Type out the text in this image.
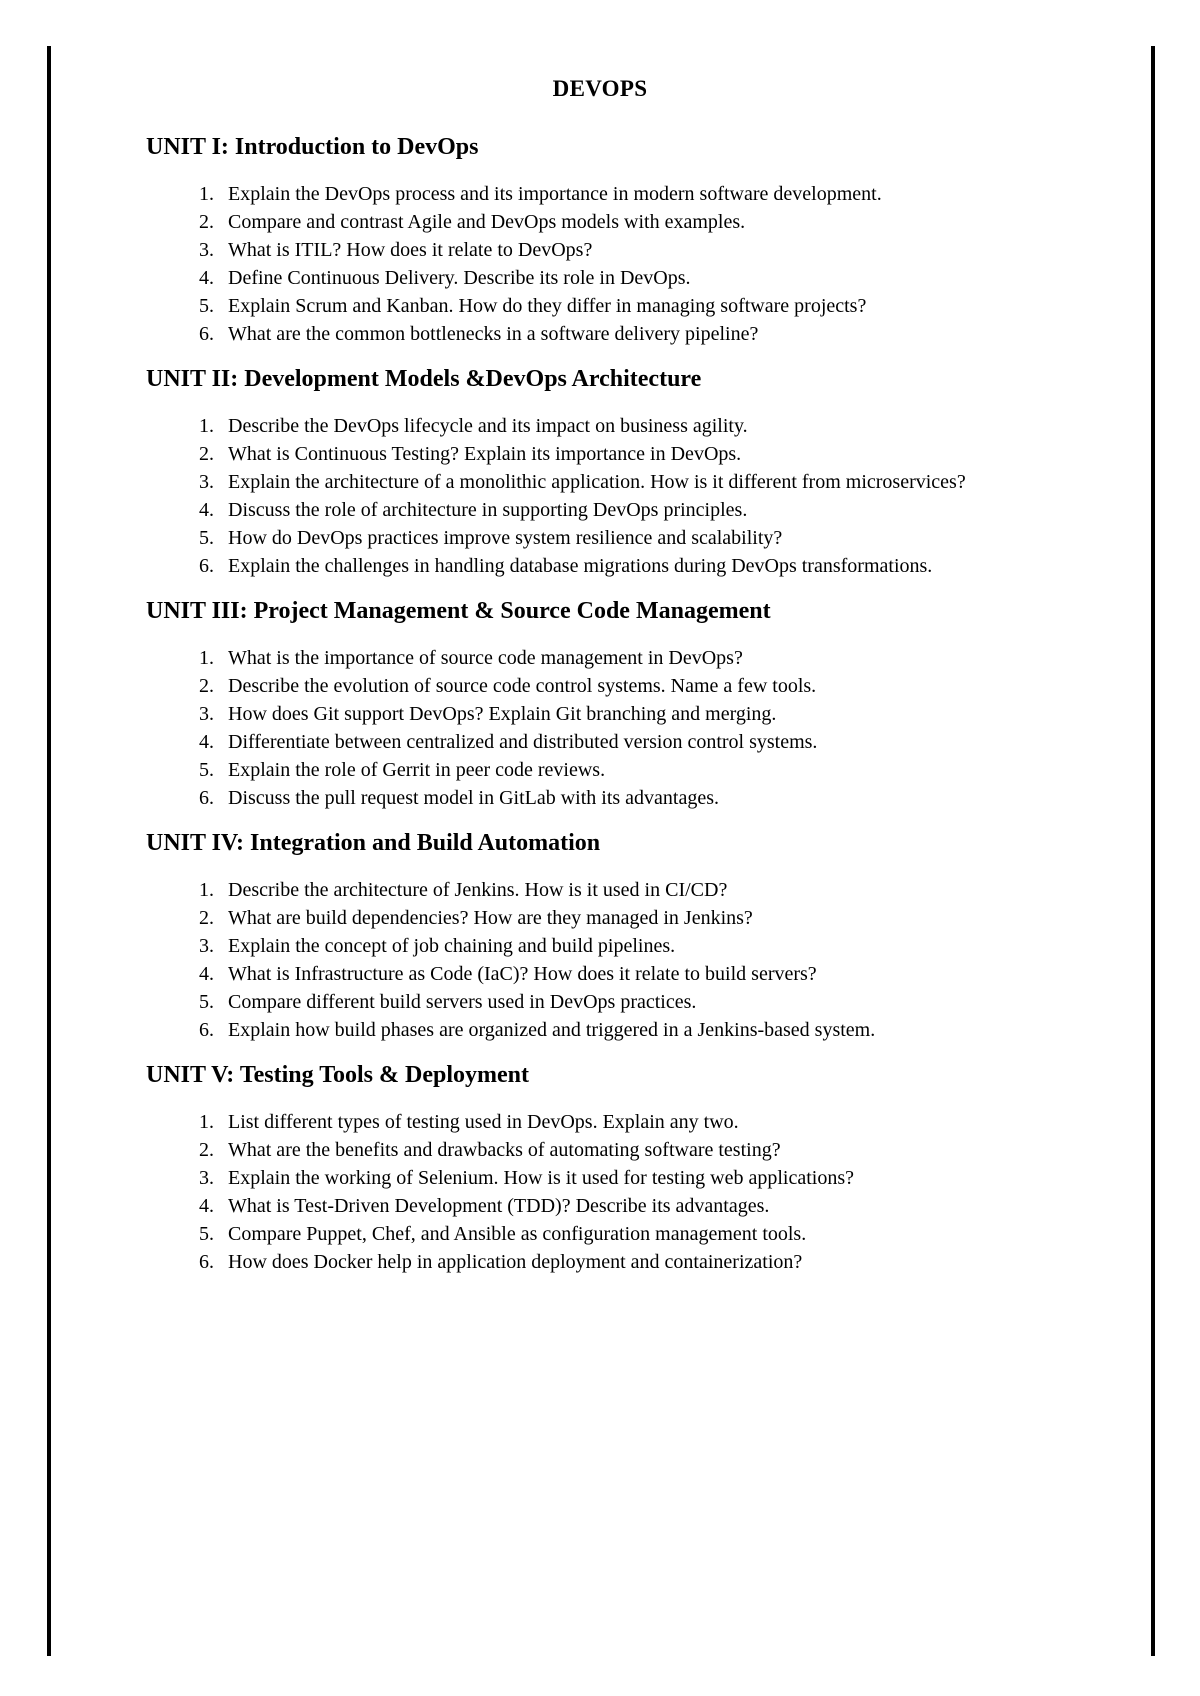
DEVOPS
UNIT I: Introduction to DevOps
1 . Explain the DevOps process and its importance in modern software development.
2 . Compare and contrast Agile and DevOps models with examples.
3 . What is ITIL? How does it relate to DevOps?
4 . Define Continuous Delivery. Describe its role in DevOps.
5 . Explain Scrum and Kanban. How do they differ in managing software projects?
6 . What are the common bottlenecks in a software delivery pipeline?
UNIT II: Development Models &DevOps Architecture
1 . Describe the DevOps lifecycle and its impact on business agility.
2 . What is Continuous Testing? Explain its importance in DevOps.
3 . Explain the architecture of a monolithic application. How is it different from microservices?
4 . Discuss the role of architecture in supporting DevOps principles.
5 . How do DevOps practices improve system resilience and scalability?
6 . Explain the challenges in handling database migrations during DevOps transformations.
UNIT III: Project Management & Source Code Management
1 . What is the importance of source code management in DevOps?
2 . Describe the evolution of source code control systems. Name a few tools.
3 . How does Git support DevOps? Explain Git branching and merging.
4 . Differentiate between centralized and distributed version control systems.
5 . Explain the role of Gerrit in peer code reviews.
6 . Discuss the pull request model in GitLab with its advantages.
UNIT IV: Integration and Build Automation
1 . Describe the architecture of Jenkins. How is it used in CI/CD?
2 . What are build dependencies? How are they managed in Jenkins?
3 . Explain the concept of job chaining and build pipelines.
4 . What is Infrastructure as Code (IaC)? How does it relate to build servers?
5 . Compare different build servers used in DevOps practices.
6 . Explain how build phases are organized and triggered in a Jenkins-based system.
UNIT V: Testing Tools & Deployment
1 . List different types of testing used in DevOps. Explain any two.
2 . What are the benefits and drawbacks of automating software testing?
3 . Explain the working of Selenium. How is it used for testing web applications?
4 . What is Test-Driven Development (TDD)? Describe its advantages.
5 . Compare Puppet, Chef, and Ansible as configuration management tools.
6 . How does Docker help in application deployment and containerization?
